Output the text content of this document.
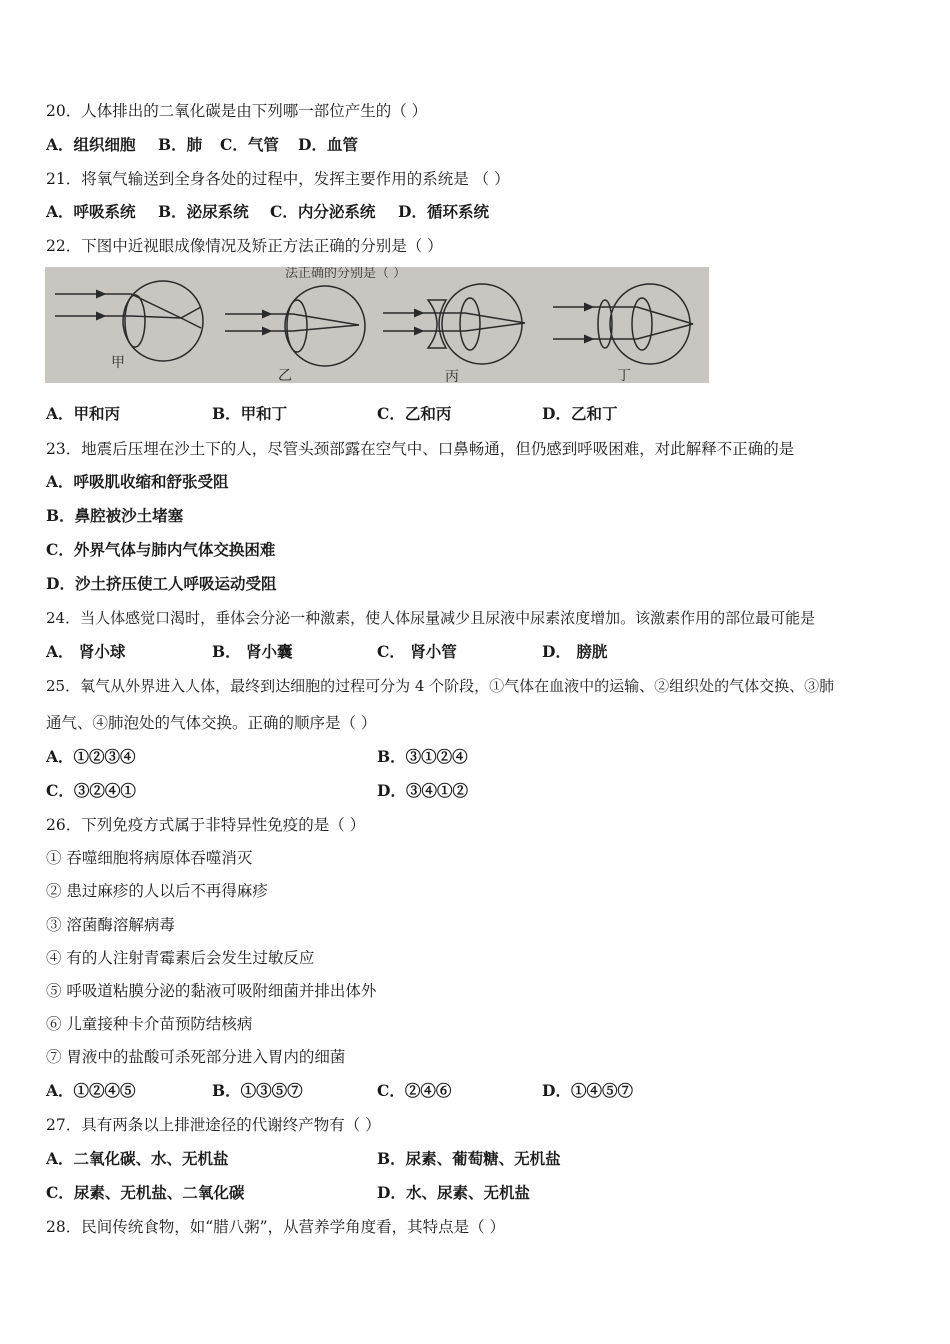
20．人体排出的二氧化碳是由下列哪一部位产生的（ ）
A．组织细胞 B．肺 C．气管 D．血管
21．将氧气输送到全身各处的过程中，发挥主要作用的系统是 （ ）
A．呼吸系统 B．泌尿系统 C．内分泌系统 D．循环系统
22．下图中近视眼成像情况及矫正方法正确的分别是（ ）
法正确的分别是（ ）
甲
乙	丙	丁
A．甲和丙	B．甲和丁	C．乙和丙	D．乙和丁
23．地震后压埋在沙土下的人，尽管头颈部露在空气中、口鼻畅通，但仍感到呼吸困难，对此解释不正确的是
A．呼吸肌收缩和舒张受阻
B．鼻腔被沙土堵塞
C．外界气体与肺内气体交换困难
D．沙土挤压使工人呼吸运动受阻
24．当人体感觉口渴时，垂体会分泌一种激素，使人体尿量减少且尿液中尿素浓度增加。该激素作用的部位最可能是
A． 肾小球	B． 肾小囊	C． 肾小管	D． 膀胱
25．氧气从外界进入人体，最终到达细胞的过程可分为 4 个阶段，①气体在血液中的运输、②组织处的气体交换、③肺
通气、④肺泡处的气体交换。正确的顺序是（ ）
A．①②③④	B．③①②④
C．③②④①	D．③④①②
26．下列免疫方式属于非特异性免疫的是（ ）
① 吞噬细胞将病原体吞噬消灭
② 患过麻疹的人以后不再得麻疹
③ 溶菌酶溶解病毒
④ 有的人注射青霉素后会发生过敏反应
⑤ 呼吸道粘膜分泌的黏液可吸附细菌并排出体外
⑥ 儿童接种卡介苗预防结核病
⑦ 胃液中的盐酸可杀死部分进入胃内的细菌
A．①②④⑤	B．①③⑤⑦	C．②④⑥	D．①④⑤⑦
27．具有两条以上排泄途径的代谢终产物有（ ）
A．二氧化碳、水、无机盐	B．尿素、葡萄糖、无机盐
C．尿素、无机盐、二氧化碳	D．水、尿素、无机盐
28．民间传统食物，如“腊八粥”，从营养学角度看，其特点是（ ）
